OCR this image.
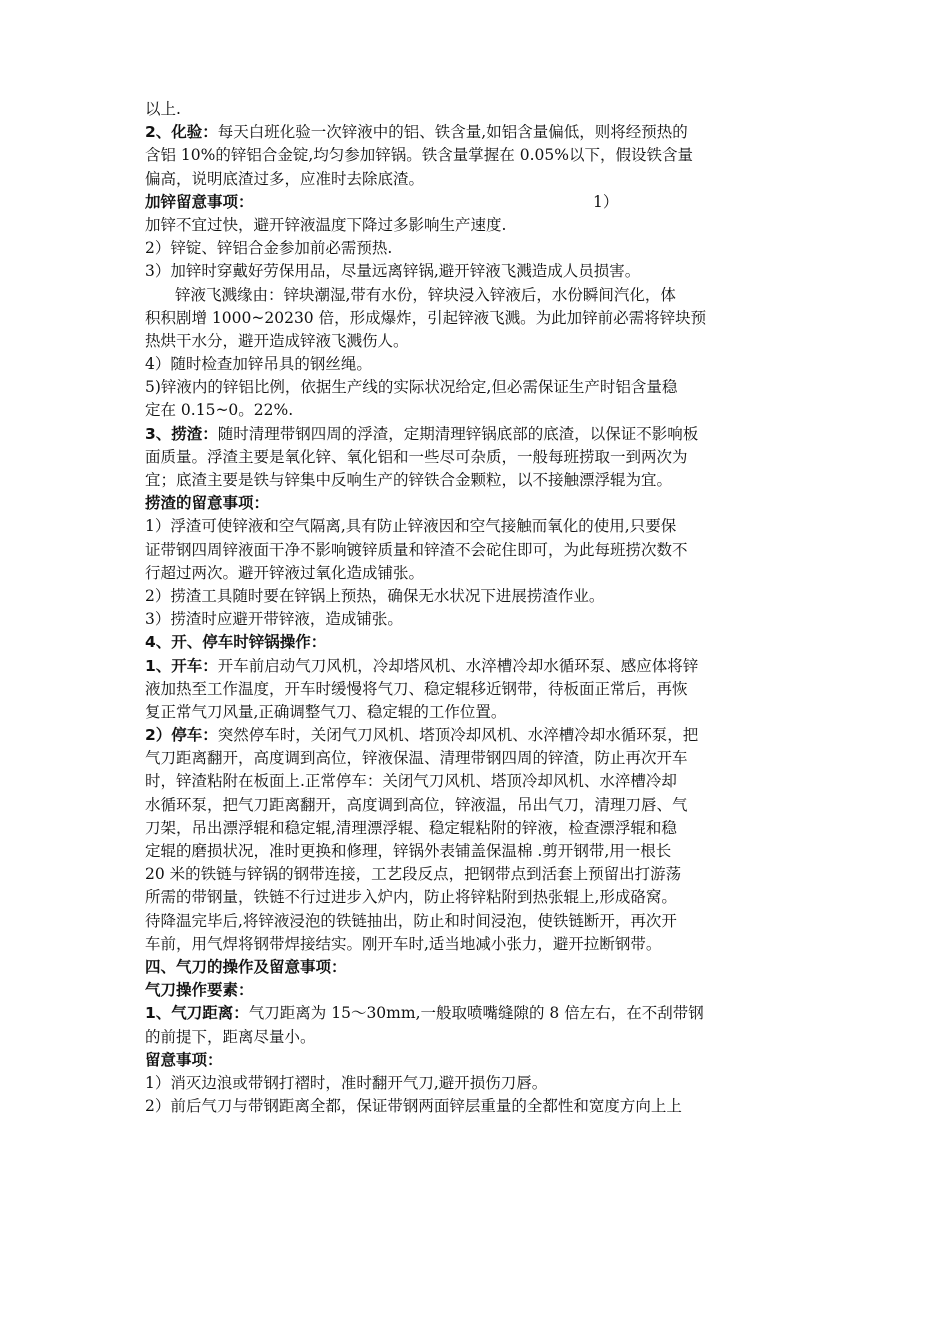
以上.
2、化验：每天白班化验一次锌液中的铝、铁含量,如铝含量偏低，则将经预热的
含铝 10%的锌铝合金锭,均匀参加锌锅。铁含量掌握在 0.05%以下，假设铁含量
偏高，说明底渣过多，应准时去除底渣。
加锌留意事项：	1）
加锌不宜过快，避开锌液温度下降过多影响生产速度.
2）锌锭、锌铝合金参加前必需预热.
3）加锌时穿戴好劳保用品，尽量远离锌锅,避开锌液飞溅造成人员损害。
锌液飞溅缘由：锌块潮湿,带有水份，锌块浸入锌液后，水份瞬间汽化，体
积积剧增 1000~20230 倍，形成爆炸，引起锌液飞溅。为此加锌前必需将锌块预
热烘干水分，避开造成锌液飞溅伤人。
4）随时检查加锌吊具的钢丝绳。
5)锌液内的锌铝比例，依据生产线的实际状况给定,但必需保证生产时铝含量稳
定在 0.15~0。22%.
3、捞渣：随时清理带钢四周的浮渣，定期清理锌锅底部的底渣，以保证不影响板
面质量。浮渣主要是氧化锌、氧化铝和一些尽可杂质，一般每班捞取一到两次为
宜；底渣主要是铁与锌集中反响生产的锌铁合金颗粒，以不接触漂浮辊为宜。
捞渣的留意事项：
1）浮渣可使锌液和空气隔离,具有防止锌液因和空气接触而氧化的使用,只要保
证带钢四周锌液面干净不影响镀锌质量和锌渣不会砣住即可，为此每班捞次数不
行超过两次。避开锌液过氧化造成铺张。
2）捞渣工具随时要在锌锅上预热，确保无水状况下进展捞渣作业。
3）捞渣时应避开带锌液，造成铺张。
4、开、停车时锌锅操作：
1、开车：开车前启动气刀风机，冷却塔风机、水淬槽冷却水循环泵、感应体将锌
液加热至工作温度，开车时缓慢将气刀、稳定辊移近钢带，待板面正常后，再恢
复正常气刀风量,正确调整气刀、稳定辊的工作位置。
2）停车：突然停车时，关闭气刀风机、塔顶冷却风机、水淬槽冷却水循环泵，把
气刀距离翻开，高度调到高位，锌液保温、清理带钢四周的锌渣，防止再次开车
时，锌渣粘附在板面上.正常停车：关闭气刀风机、塔顶冷却风机、水淬槽冷却
水循环泵，把气刀距离翻开，高度调到高位，锌液温，吊出气刀，清理刀唇、气
刀架，吊出漂浮辊和稳定辊,清理漂浮辊、稳定辊粘附的锌液，检查漂浮辊和稳
定辊的磨损状况，准时更换和修理，锌锅外表铺盖保温棉 .剪开钢带,用一根长
20 米的铁链与锌锅的钢带连接，工艺段反点，把钢带点到活套上预留出打游荡
所需的带钢量，铁链不行过进步入炉内，防止将锌粘附到热张辊上,形成硌窝。
待降温完毕后,将锌液浸泡的铁链抽出，防止和时间浸泡，使铁链断开，再次开
车前，用气焊将钢带焊接结实。刚开车时,适当地减小张力，避开拉断钢带。
四、气刀的操作及留意事项：
气刀操作要素：
1、气刀距离：气刀距离为 15～30mm,一般取喷嘴缝隙的 8 倍左右，在不刮带钢
的前提下，距离尽量小。
留意事项：
1）消灭边浪或带钢打褶时，准时翻开气刀,避开损伤刀唇。
2）前后气刀与带钢距离全都，保证带钢两面锌层重量的全都性和宽度方向上上
